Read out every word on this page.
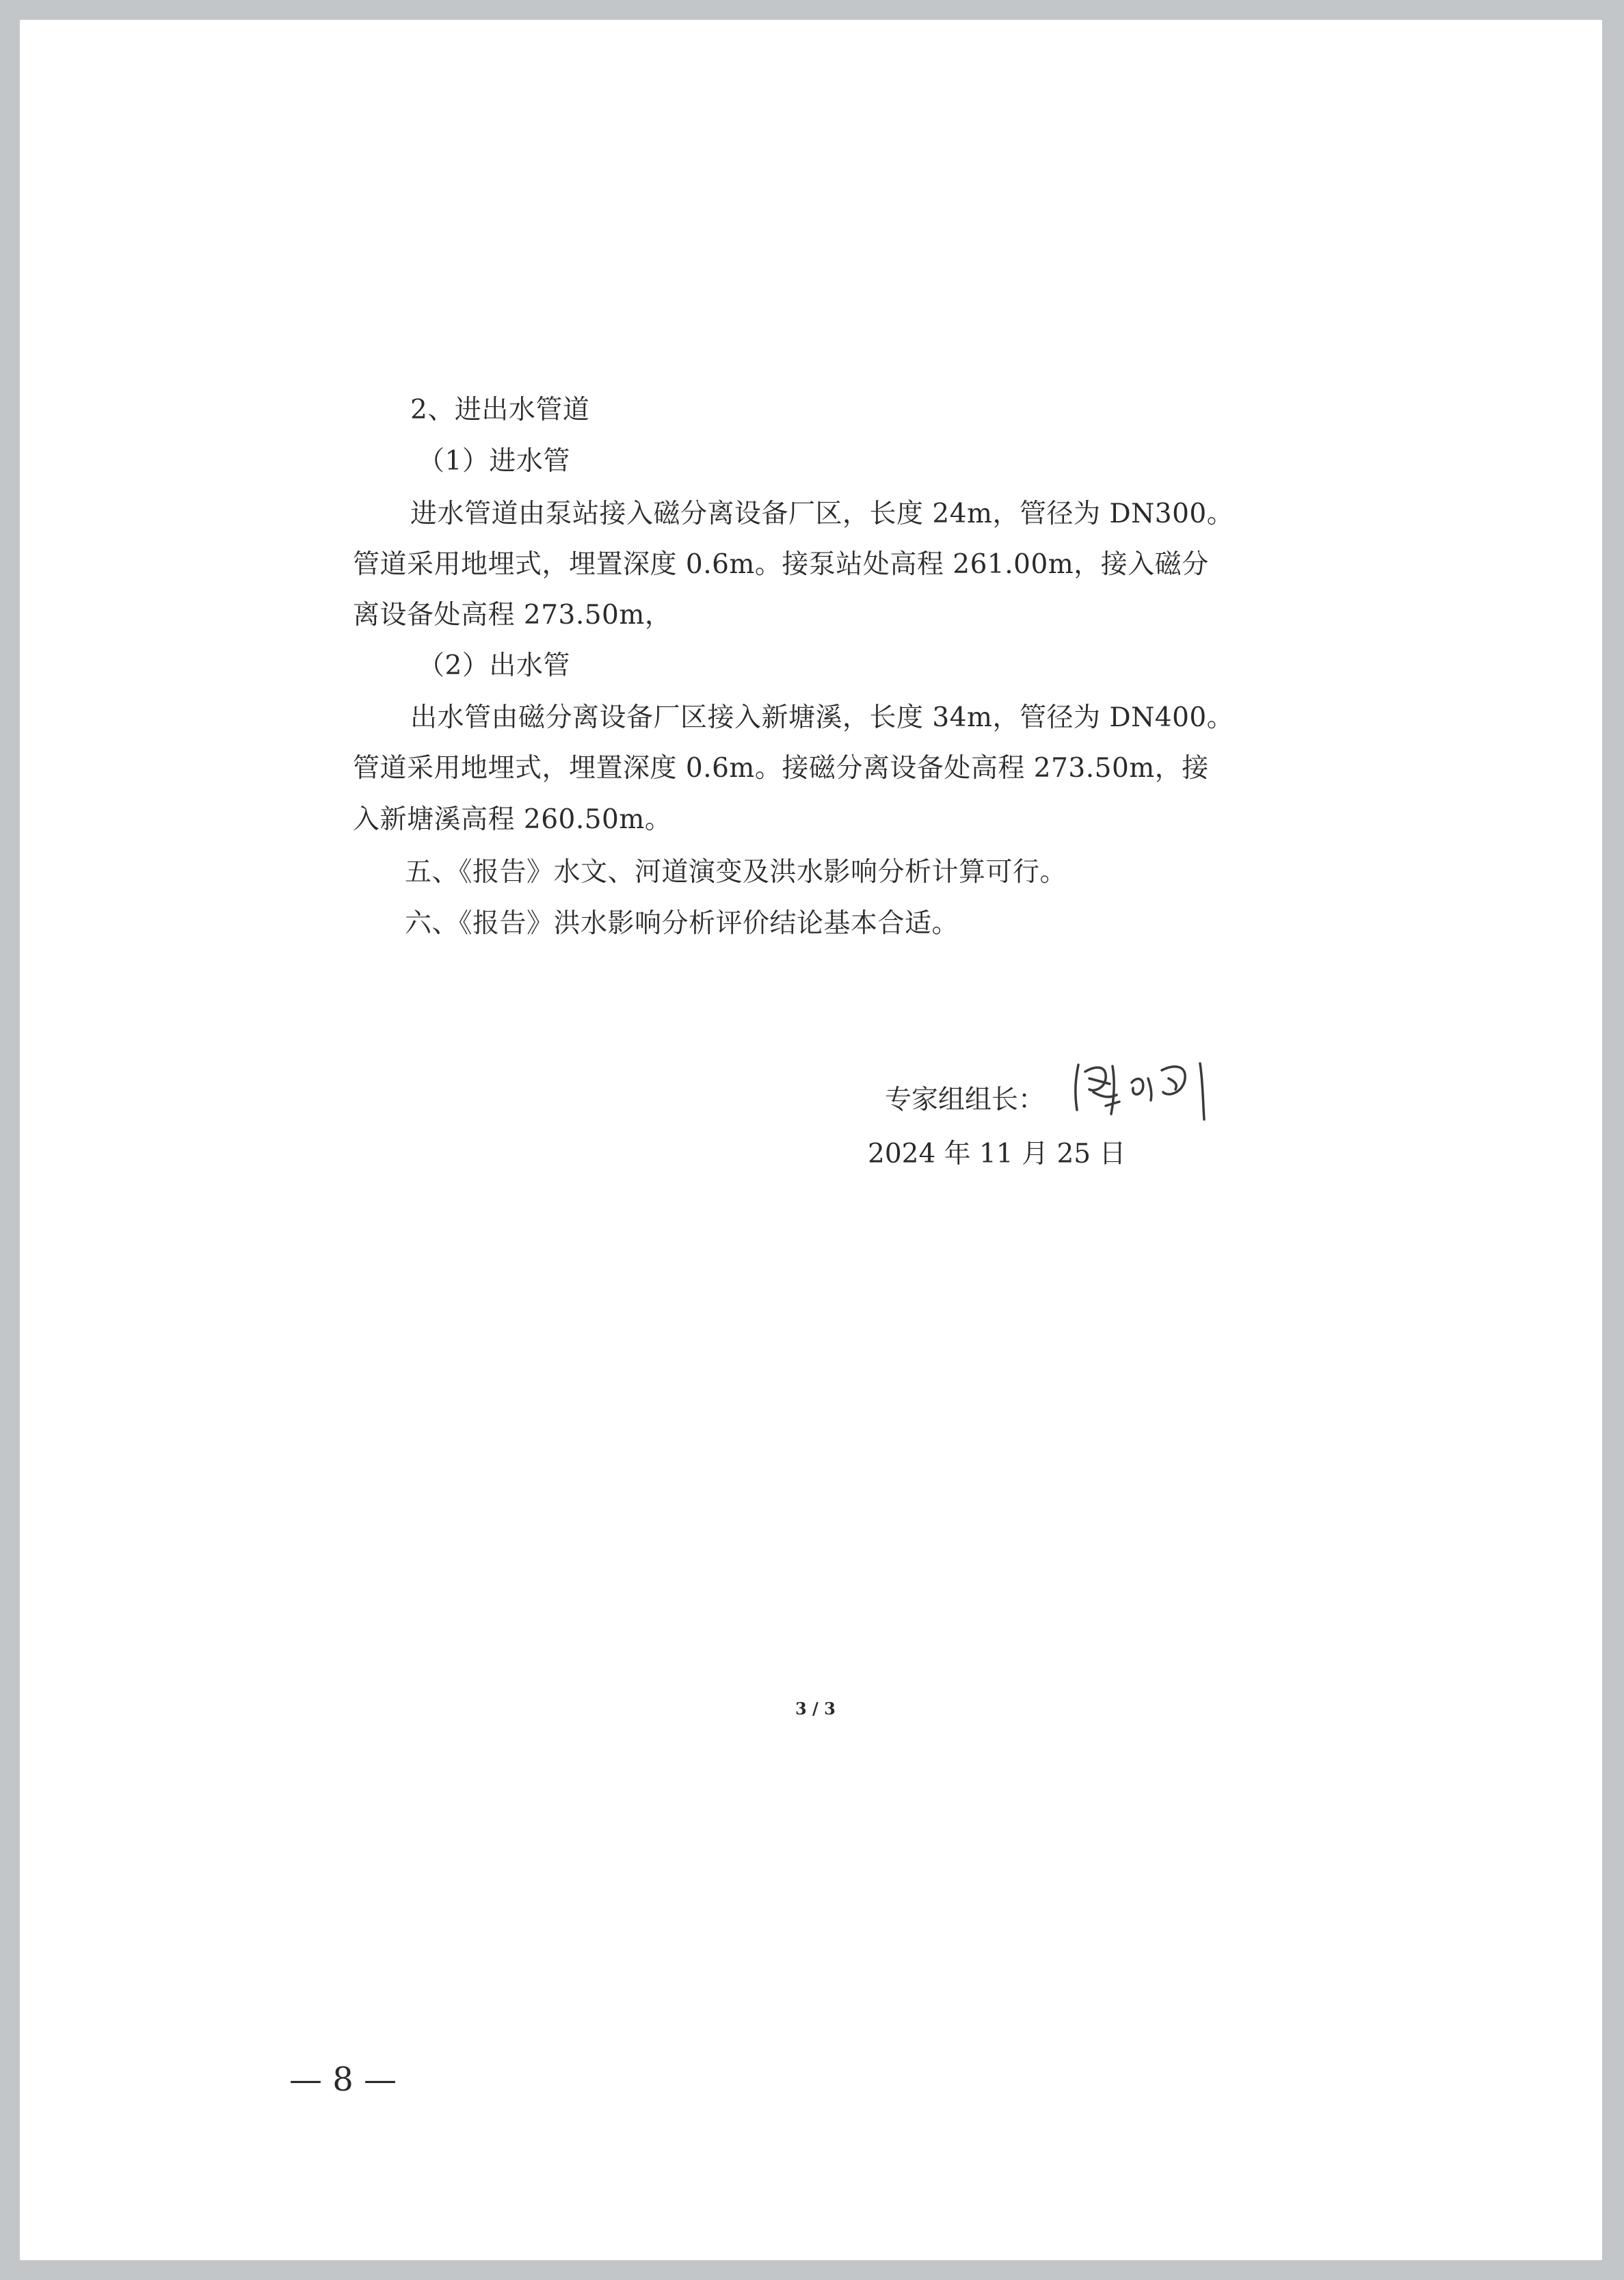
2、进出水管道
（1）进水管
进水管道由泵站接入磁分离设备厂区，长度 24m，管径为 DN300。
管道采用地埋式，埋置深度 0.6m。接泵站处高程 261.00m，接入磁分
离设备处高程 273.50m，
（2）出水管
出水管由磁分离设备厂区接入新塘溪，长度 34m，管径为 DN400。
管道采用地埋式，埋置深度 0.6m。接磁分离设备处高程 273.50m，接
入新塘溪高程 260.50m。
五、《报告》水文、河道演变及洪水影响分析计算可行。
六、《报告》洪水影响分析评价结论基本合适。
专家组组长：
2024 年 11 月 25 日
3 / 3
— 8 —
